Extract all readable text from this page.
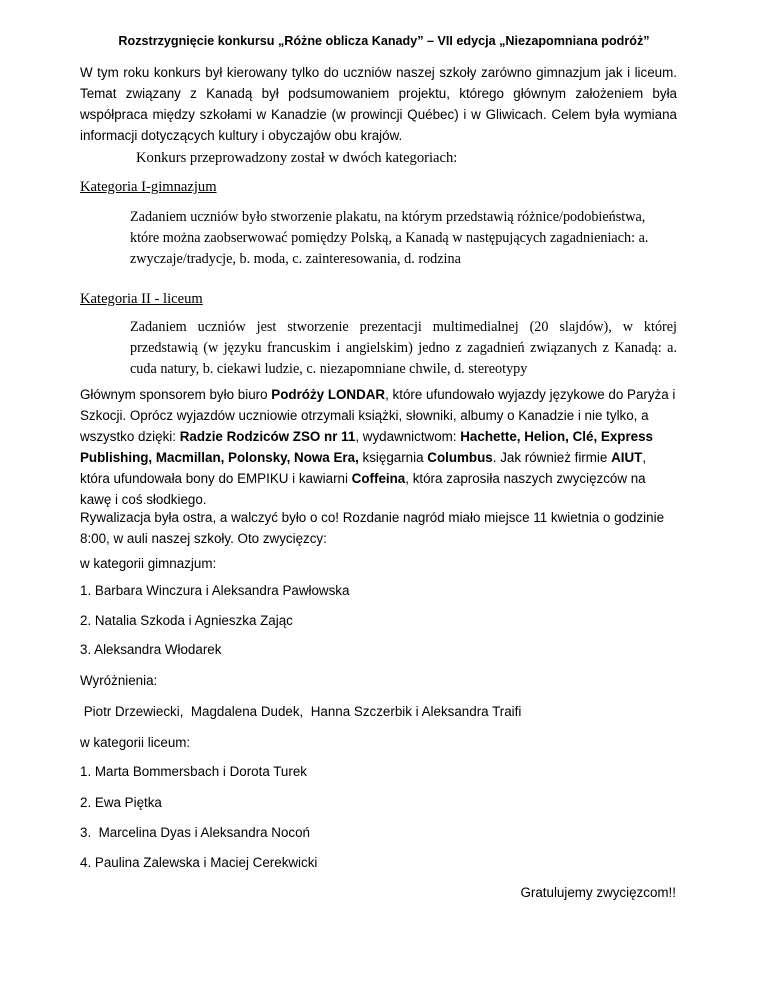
Rozstrzygnięcie konkursu „Różne oblicza Kanady” – VII edycja „Niezapomniana podróż”

W tym roku konkurs był kierowany tylko do uczniów naszej szkoły zarówno gimnazjum jak i liceum. Temat związany z Kanadą był podsumowaniem projektu, którego głównym założeniem była współpraca między szkołami w Kanadzie (w prowincji Québec) i w Gliwicach. Celem była wymiana informacji dotyczących kultury i obyczajów obu krajów.

Konkurs przeprowadzony został w dwóch kategoriach:

Kategoria I-gimnazjum
Zadaniem uczniów było stworzenie plakatu, na którym przedstawią różnice/podobieństwa, które można zaobserwować pomiędzy Polską, a Kanadą w następujących zagadnieniach: a. zwyczaje/tradycje, b. moda, c. zainteresowania, d. rodzina
Kategoria II - liceum
Zadaniem uczniów jest stworzenie prezentacji multimedialnej (20 slajdów), w której przedstawią (w języku francuskim i angielskim) jedno z zagadnień związanych z Kanadą: a. cuda natury, b. ciekawi ludzie, c. niezapomniane chwile, d. stereotypy

Głównym sponsorem było biuro Podróży LONDAR, które ufundowało wyjazdy językowe do Paryża i Szkocji. Oprócz wyjazdów uczniowie otrzymali książki, słowniki, albumy o Kanadzie i nie tylko, a wszystko dzięki: Radzie Rodziców ZSO nr 11, wydawnictwom: Hachette, Helion, Clé, Express Publishing, Macmillan, Polonsky, Nowa Era, księgarnia Columbus. Jak również firmie AIUT, która ufundowała bony do EMPIKU i kawiarni Coffeina, która zaprosiła naszych zwycięzców na kawę i coś słodkiego.

Rywalizacja była ostra, a walczyć było o co! Rozdanie nagród miało miejsce 11 kwietnia o godzinie 8:00, w auli naszej szkoły. Oto zwycięzcy:

w kategorii gimnazjum:
1. Barbara Winczura i Aleksandra Pawłowska
2. Natalia Szkoda i Agnieszka Zając
3. Aleksandra Włodarek
Wyróżnienia:
Piotr Drzewiecki,  Magdalena Dudek,  Hanna Szczerbik i Aleksandra Traifi
w kategorii liceum:
1. Marta Bommersbach i Dorota Turek
2. Ewa Piętka
3.  Marcelina Dyas i Aleksandra Nocoń
4. Paulina Zalewska i Maciej Cerekwicki
Gratulujemy zwycięzcom!!
